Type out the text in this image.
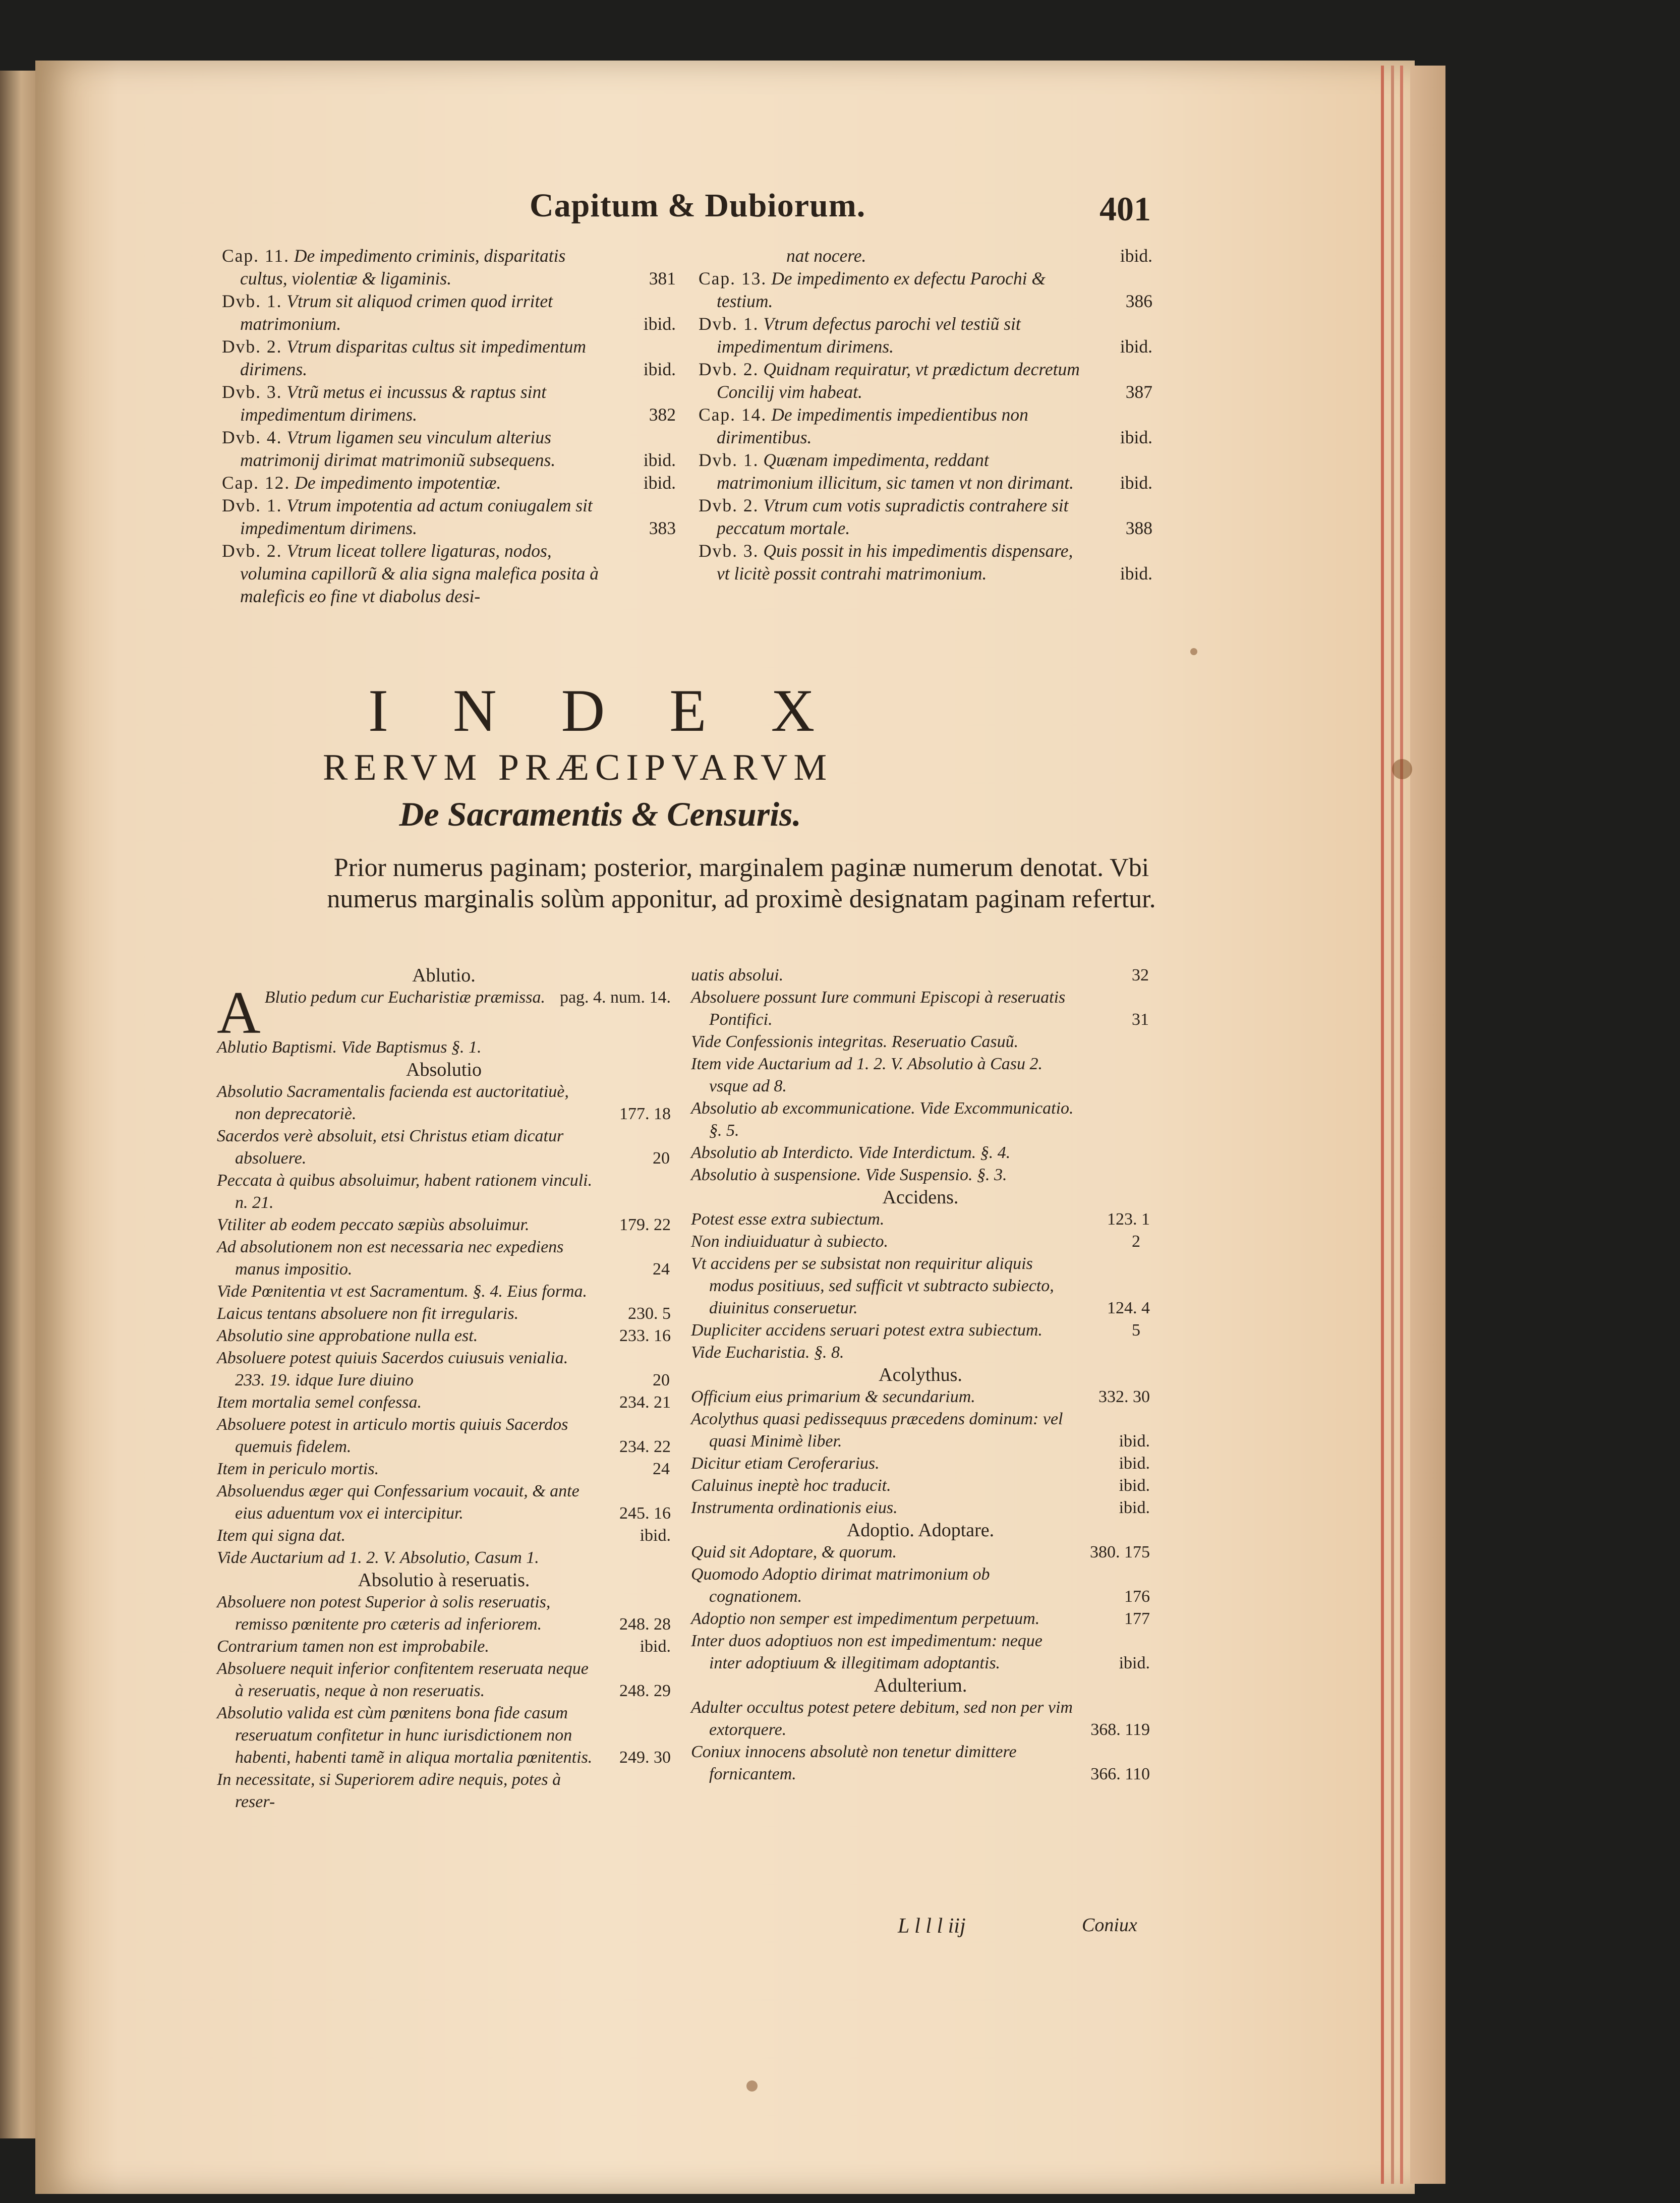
Capitum & Dubiorum.	401
Cap. 11. De impedimento criminis, disparitatis cultus, violentiæ & ligaminis.	381
Dvb. 1. Vtrum sit aliquod crimen quod irritet matrimonium.	ibid.
Dvb. 2. Vtrum disparitas cultus sit impedimentum dirimens.	ibid.
Dvb. 3. Vtrũ metus ei incussus & raptus sint impedimentum dirimens.	382
Dvb. 4. Vtrum ligamen seu vinculum alterius matrimonij dirimat matrimoniũ subsequens.	ibid.
Cap. 12. De impedimento impotentiæ.	ibid.
Dvb. 1. Vtrum impotentia ad actum coniugalem sit impedimentum dirimens.	383
Dvb. 2. Vtrum liceat tollere ligaturas, nodos, volumina capillorũ & alia signa malefica posita à maleficis eo fine vt diabolus desi-
nat nocere.	ibid.
Cap. 13. De impedimento ex defectu Parochi & testium.	386
Dvb. 1. Vtrum defectus parochi vel testiũ sit impedimentum dirimens.	ibid.
Dvb. 2. Quidnam requiratur, vt prædictum decretum Concilij vim habeat.	387
Cap. 14. De impedimentis impedientibus non dirimentibus.	ibid.
Dvb. 1. Quænam impedimenta, reddant matrimonium illicitum, sic tamen vt non dirimant.	ibid.
Dvb. 2. Vtrum cum votis supradictis contrahere sit peccatum mortale.	388
Dvb. 3. Quis possit in his impedimentis dispensare, vt licitè possit contrahi matrimonium.	ibid.
INDEX
RERVM PRÆCIPVARVM
De Sacramentis & Censuris.
Prior numerus paginam; posterior, marginalem paginæ numerum denotat. Vbi numerus marginalis solùm apponitur, ad proximè designatam paginam refertur.
Ablutio.
A Blutio pedum cur Eucharistiæ præmissa. pag. 4. num. 14.
Ablutio Baptismi. Vide Baptismus §. 1.
Absolutio
Absolutio Sacramentalis facienda est auctoritatiuè, non deprecatoriè.	177. 18
Sacerdos verè absoluit, etsi Christus etiam dicatur absoluere.	20
Peccata à quibus absoluimur, habent rationem vinculi. n. 21.
Vtiliter ab eodem peccato sæpiùs absoluimur.	179. 22
Ad absolutionem non est necessaria nec expediens manus impositio.	24
Vide Pœnitentia vt est Sacramentum. §. 4. Eius forma.
Laicus tentans absoluere non fit irregularis.	230. 5
Absolutio sine approbatione nulla est.	233. 16
Absoluere potest quiuis Sacerdos cuiusuis venialia. 233. 19. idque Iure diuino	20
Item mortalia semel confessa.	234. 21
Absoluere potest in articulo mortis quiuis Sacerdos quemuis fidelem.	234. 22
Item in periculo mortis.	24
Absoluendus æger qui Confessarium vocauit, & ante eius aduentum vox ei intercipitur.	245. 16
Item qui signa dat.	ibid.
Vide Auctarium ad 1. 2. V. Absolutio, Casum 1.
Absolutio à reseruatis.
Absoluere non potest Superior à solis reseruatis, remisso pœnitente pro cæteris ad inferiorem.	248. 28
Contrarium tamen non est improbabile.	ibid.
Absoluere nequit inferior confitentem reseruata neque à reseruatis, neque à non reseruatis.	248. 29
Absolutio valida est cùm pœnitens bona fide casum reseruatum confitetur in hunc iurisdictionem non habenti, habenti tamẽ in aliqua mortalia pœnitentis. 249. 30
In necessitate, si Superiorem adire nequis, potes à reser-
uatis absolui.	32
Absoluere possunt Iure communi Episcopi à reseruatis Pontifici.	31
Vide Confessionis integritas. Reseruatio Casuũ.
Item vide Auctarium ad 1. 2. V. Absolutio à Casu 2. vsque ad 8.
Absolutio ab excommunicatione. Vide Excommunicatio. §. 5.
Absolutio ab Interdicto. Vide Interdictum. §. 4.
Absolutio à suspensione. Vide Suspensio. §. 3.
Accidens.
Potest esse extra subiectum.	123. 1
Non indiuiduatur à subiecto.	2
Vt accidens per se subsistat non requiritur aliquis modus positiuus, sed sufficit vt subtracto subiecto, diuinitus conseruetur.	124. 4
Dupliciter accidens seruari potest extra subiectum.	5
Vide Eucharistia. §. 8.
Acolythus.
Officium eius primarium & secundarium.	332. 30
Acolythus quasi pedissequus præcedens dominum: vel quasi Minimè liber.	ibid.
Dicitur etiam Ceroferarius.	ibid.
Caluinus ineptè hoc traducit.	ibid.
Instrumenta ordinationis eius.	ibid.
Adoptio. Adoptare.
Quid sit Adoptare, & quorum.	380. 175
Quomodo Adoptio dirimat matrimonium ob cognationem.	176
Adoptio non semper est impedimentum perpetuum.	177
Inter duos adoptiuos non est impedimentum: neque inter adoptiuum & illegitimam adoptantis.	ibid.
Adulterium.
Adulter occultus potest petere debitum, sed non per vim extorquere.	368. 119
Coniux innocens absolutè non tenetur dimittere fornicantem.	366. 110
L l l l iij	Coniux
